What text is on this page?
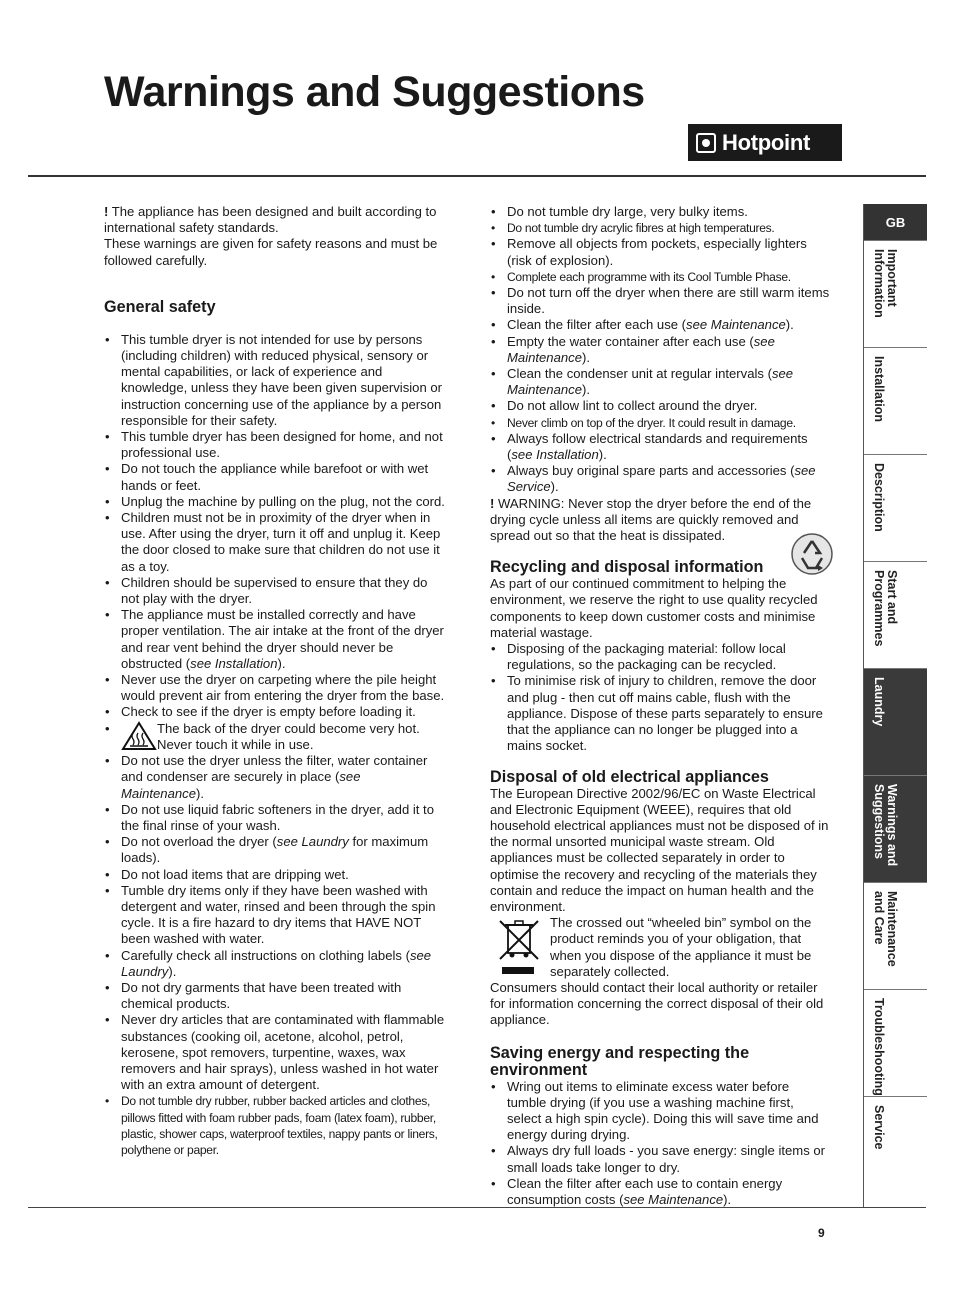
Warnings and Suggestions
Hotpoint

! The appliance has been designed and built according to international safety standards.

These warnings are given for safety reasons and must be followed carefully.

General safety
• This tumble dryer is not intended for use by persons (including children) with reduced physical, sensory or mental capabilities, or lack of experience and knowledge, unless they have been given supervision or instruction concerning use of the appliance by a person responsible for their safety.
• This tumble dryer has been designed for home, and not professional use.
• Do not touch the appliance while barefoot or with wet hands or feet.
• Unplug the machine by pulling on the plug, not the cord.
• Children must not be in proximity of the dryer when in use. After using the dryer, turn it off and unplug it. Keep the door closed to make sure that children do not use it as a toy.
• Children should be supervised to ensure that they do not play with the dryer.
• The appliance must be installed correctly and have proper ventilation. The air intake at the front of the dryer and rear vent behind the dryer should never be obstructed (see Installation).
• Never use the dryer on carpeting where the pile height would prevent air from entering the dryer from the base.
• Check to see if the dryer is empty before loading it.
• The back of the dryer could become very hot. Never touch it while in use.
• Do not use the dryer unless the filter, water container and condenser are securely in place (see Maintenance).
• Do not use liquid fabric softeners in the dryer, add it to the final rinse of your wash.
• Do not overload the dryer (see Laundry for maximum loads).
• Do not load items that are dripping wet.
• Tumble dry items only if they have been washed with detergent and water, rinsed and been through the spin cycle. It is a fire hazard to dry items that HAVE NOT been washed with water.
• Carefully check all instructions on clothing labels (see Laundry).
• Do not dry garments that have been treated with chemical products.
• Never dry articles that are contaminated with flammable substances (cooking oil, acetone, alcohol, petrol, kerosene, spot removers, turpentine, waxes, wax removers and hair sprays), unless washed in hot water with an extra amount of detergent.
• Do not tumble dry rubber, rubber backed articles and clothes, pillows fitted with foam rubber pads, foam (latex foam), rubber, plastic, shower caps, waterproof textiles, nappy pants or liners, polythene or paper.
• Do not tumble dry large, very bulky items.
• Do not tumble dry acrylic fibres at high temperatures.
• Remove all objects from pockets, especially lighters (risk of explosion).
• Complete each programme with its Cool Tumble Phase.
• Do not turn off the dryer when there are still warm items inside.
• Clean the filter after each use (see Maintenance).
• Empty the water container after each use (see Maintenance).
• Clean the condenser unit at regular intervals (see Maintenance).
• Do not allow lint to collect around the dryer.
• Never climb on top of the dryer. It could result in damage.
• Always follow electrical standards and requirements (see Installation).
• Always buy original spare parts and accessories (see Service).

! WARNING: Never stop the dryer before the end of the drying cycle unless all items are quickly removed and spread out so that the heat is dissipated.

Recycling and disposal information

As part of our continued commitment to helping the environment, we reserve the right to use quality recycled components to keep down customer costs and minimise material wastage.

• Disposing of the packaging material: follow local regulations, so the packaging can be recycled.
• To minimise risk of injury to children, remove the door and plug - then cut off mains cable, flush with the appliance. Dispose of these parts separately to ensure that the appliance can no longer be plugged into a mains socket.
Disposal of old electrical appliances

The European Directive 2002/96/EC on Waste Electrical and Electronic Equipment (WEEE), requires that old household electrical appliances must not be disposed of in the normal unsorted municipal waste stream. Old appliances must be collected separately in order to optimise the recovery and recycling of the materials they contain and reduce the impact on human health and the environment.

The crossed out “wheeled bin” symbol on the product reminds you of your obligation, that when you dispose of the appliance it must be separately collected.

Consumers should contact their local authority or retailer for information concerning the correct disposal of their old appliance.

Saving energy and respecting the environment
• Wring out items to eliminate excess water before tumble drying (if you use a washing machine first, select a high spin cycle). Doing this will save time and energy during drying.
• Always dry full loads - you save energy: single items or small loads take longer to dry.
• Clean the filter after each use to contain energy consumption costs (see Maintenance).
GB
Important Information
Installation
Description
Start and Programmes
Laundry
Warnings and Suggestions
Maintenance and Care
Troubleshooting
Service
9
